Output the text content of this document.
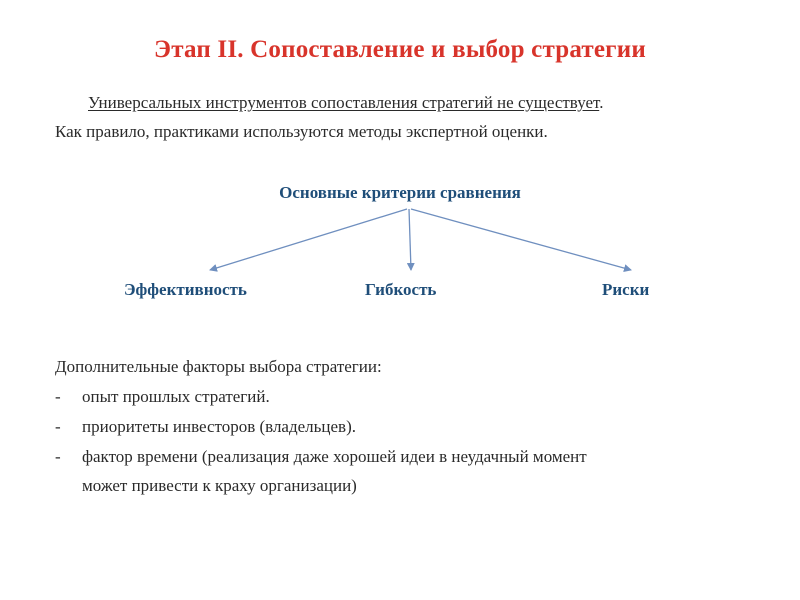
Этап II. Сопоставление и выбор стратегии
Универсальных инструментов сопоставления стратегий не существует.
Как правило, практиками используются методы экспертной оценки.
Основные критерии сравнения
Эффективность	Гибкость	Риски
Дополнительные факторы выбора стратегии:
- опыт прошлых стратегий.
- приоритеты инвесторов (владельцев).
- фактор времени (реализация даже хорошей идеи в неудачный момент
может привести к краху организации)
